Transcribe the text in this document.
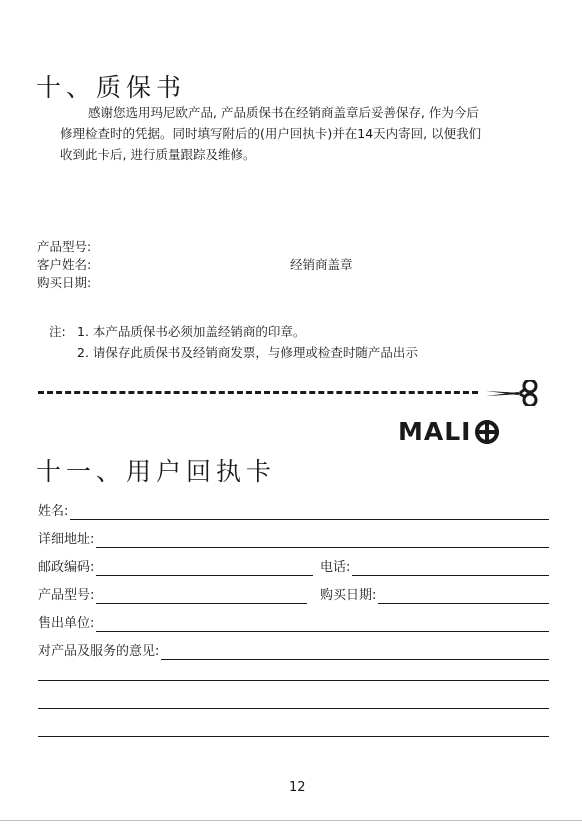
十、质保书
感谢您选用玛尼欧产品, 产品质保书在经销商盖章后妥善保存, 作为今后
修理检查时的凭据。同时填写附后的(用户回执卡)并在14天内寄回, 以便我们
收到此卡后, 进行质量跟踪及维修。
产品型号:
客户姓名:
购买日期:
经销商盖章
注: 1. 本产品质保书必须加盖经销商的印章。
2. 请保存此质保书及经销商发票，与修理或检查时随产品出示
MALI
十一、用户回执卡
姓名:
详细地址:
邮政编码:	电话:
产品型号:	购买日期:
售出单位:
对产品及服务的意见:
12
